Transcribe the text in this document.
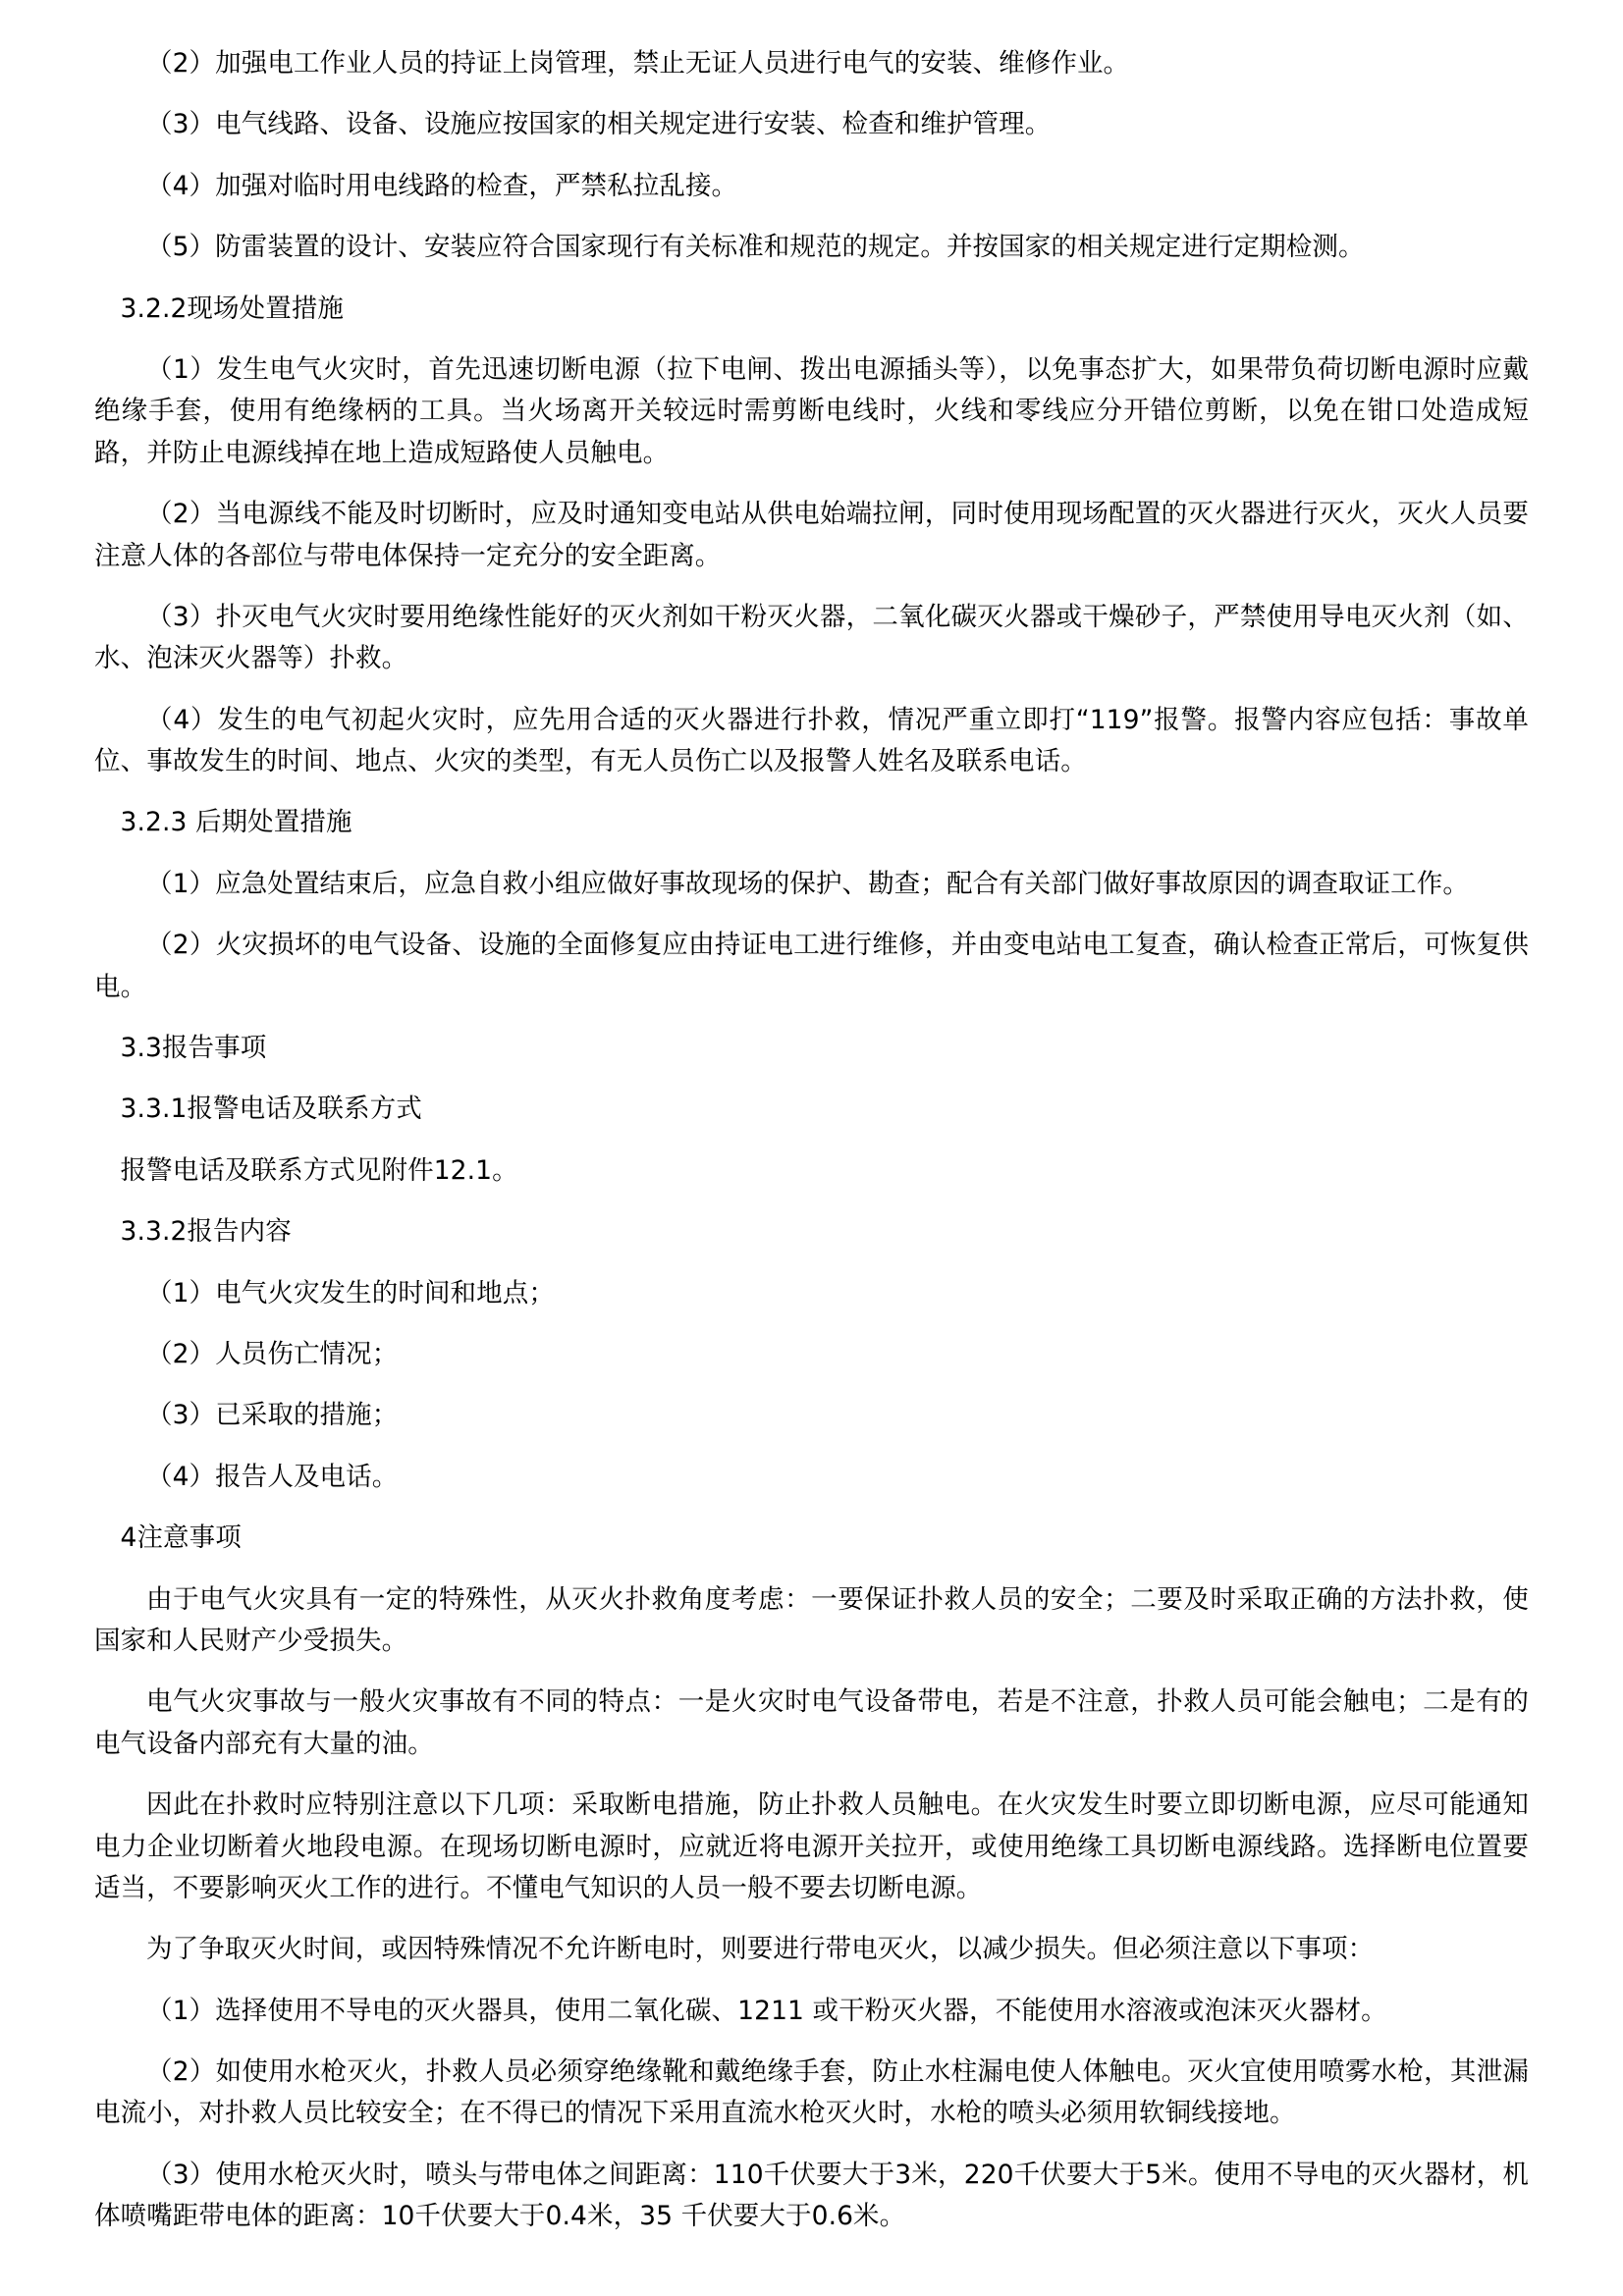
（2）加强电工作业人员的持证上岗管理，禁止无证人员进行电气的安装、维修作业。

（3）电气线路、设备、设施应按国家的相关规定进行安装、检查和维护管理。

（4）加强对临时用电线路的检查，严禁私拉乱接。

（5）防雷装置的设计、安装应符合国家现行有关标准和规范的规定。并按国家的相关规定进行定期检测。

3.2.2现场处置措施

（1）发生电气火灾时，首先迅速切断电源（拉下电闸、拨出电源插头等），以免事态扩大，如果带负荷切断电源时应戴绝缘手套，使用有绝缘柄的工具。当火场离开关较远时需剪断电线时，火线和零线应分开错位剪断，以免在钳口处造成短路，并防止电源线掉在地上造成短路使人员触电。

（2）当电源线不能及时切断时，应及时通知变电站从供电始端拉闸，同时使用现场配置的灭火器进行灭火，灭火人员要注意人体的各部位与带电体保持一定充分的安全距离。

（3）扑灭电气火灾时要用绝缘性能好的灭火剂如干粉灭火器，二氧化碳灭火器或干燥砂子，严禁使用导电灭火剂（如、水、泡沫灭火器等）扑救。

（4）发生的电气初起火灾时，应先用合适的灭火器进行扑救，情况严重立即打“119”报警。报警内容应包括：事故单位、事故发生的时间、地点、火灾的类型，有无人员伤亡以及报警人姓名及联系电话。

3.2.3 后期处置措施

（1）应急处置结束后，应急自救小组应做好事故现场的保护、勘查；配合有关部门做好事故原因的调查取证工作。

（2）火灾损坏的电气设备、设施的全面修复应由持证电工进行维修，并由变电站电工复查，确认检查正常后，可恢复供电。

3.3报告事项

3.3.1报警电话及联系方式

报警电话及联系方式见附件12.1。

3.3.2报告内容

（1）电气火灾发生的时间和地点；

（2）人员伤亡情况；

（3）已采取的措施；

（4）报告人及电话。

4注意事项

由于电气火灾具有一定的特殊性，从灭火扑救角度考虑：一要保证扑救人员的安全；二要及时采取正确的方法扑救，使国家和人民财产少受损失。

电气火灾事故与一般火灾事故有不同的特点：一是火灾时电气设备带电，若是不注意，扑救人员可能会触电；二是有的电气设备内部充有大量的油。

因此在扑救时应特别注意以下几项：采取断电措施，防止扑救人员触电。在火灾发生时要立即切断电源，应尽可能通知电力企业切断着火地段电源。在现场切断电源时，应就近将电源开关拉开，或使用绝缘工具切断电源线路。选择断电位置要适当，不要影响灭火工作的进行。不懂电气知识的人员一般不要去切断电源。

为了争取灭火时间，或因特殊情况不允许断电时，则要进行带电灭火，以减少损失。但必须注意以下事项：

（1）选择使用不导电的灭火器具，使用二氧化碳、1211 或干粉灭火器，不能使用水溶液或泡沫灭火器材。

（2）如使用水枪灭火，扑救人员必须穿绝缘靴和戴绝缘手套，防止水柱漏电使人体触电。灭火宜使用喷雾水枪，其泄漏电流小，对扑救人员比较安全；在不得已的情况下采用直流水枪灭火时，水枪的喷头必须用软铜线接地。

（3）使用水枪灭火时，喷头与带电体之间距离：110千伏要大于3米，220千伏要大于5米。使用不导电的灭火器材，机体喷嘴距带电体的距离：10千伏要大于0.4米，35 千伏要大于0.6米。
